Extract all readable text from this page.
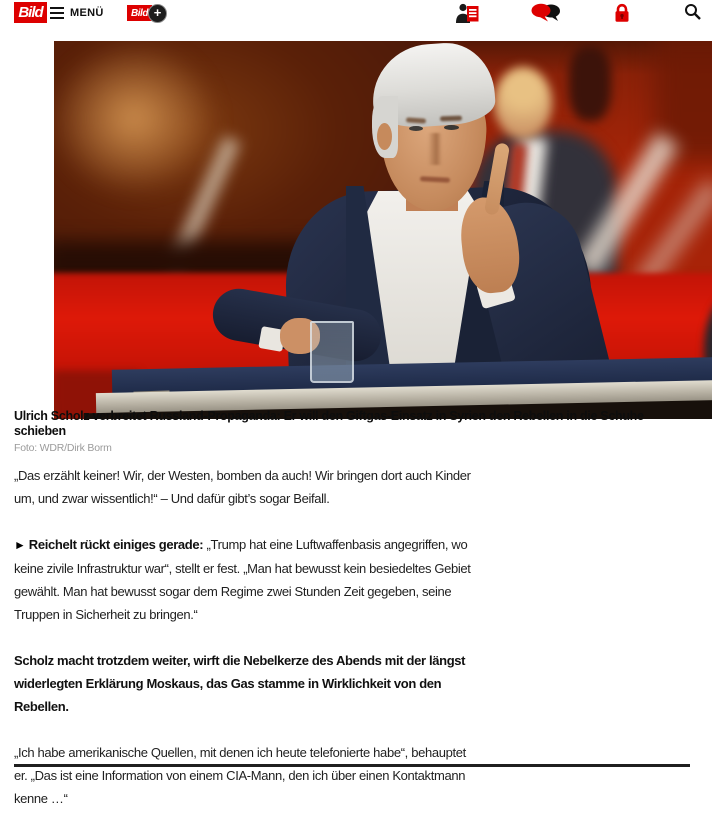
Bild MENÜ	Bild +

Ulrich Scholz verbreitet Russland-Propaganda: Er will den Giftgas-Einsatz in Syrien den Rebellen in die Schuhe schieben

Foto: WDR/Dirk Borm

„Das erzählt keiner! Wir, der Westen, bomben da auch! Wir bringen dort auch Kinder um, und zwar wissentlich!“ – Und dafür gibt’s sogar Beifall.

► Reichelt rückt einiges gerade: „Trump hat eine Luftwaffenbasis angegriffen, wo keine zivile Infrastruktur war“, stellt er fest. „Man hat bewusst kein besiedeltes Gebiet gewählt. Man hat bewusst sogar dem Regime zwei Stunden Zeit gegeben, seine Truppen in Sicherheit zu bringen.“

Scholz macht trotzdem weiter, wirft die Nebelkerze des Abends mit der längst widerlegten Erklärung Moskaus, das Gas stamme in Wirklichkeit von den Rebellen.

„Ich habe amerikanische Quellen, mit denen ich heute telefonierte habe“, behauptet er. „Das ist eine Information von einem CIA-Mann, den ich über einen Kontaktmann kenne …“
